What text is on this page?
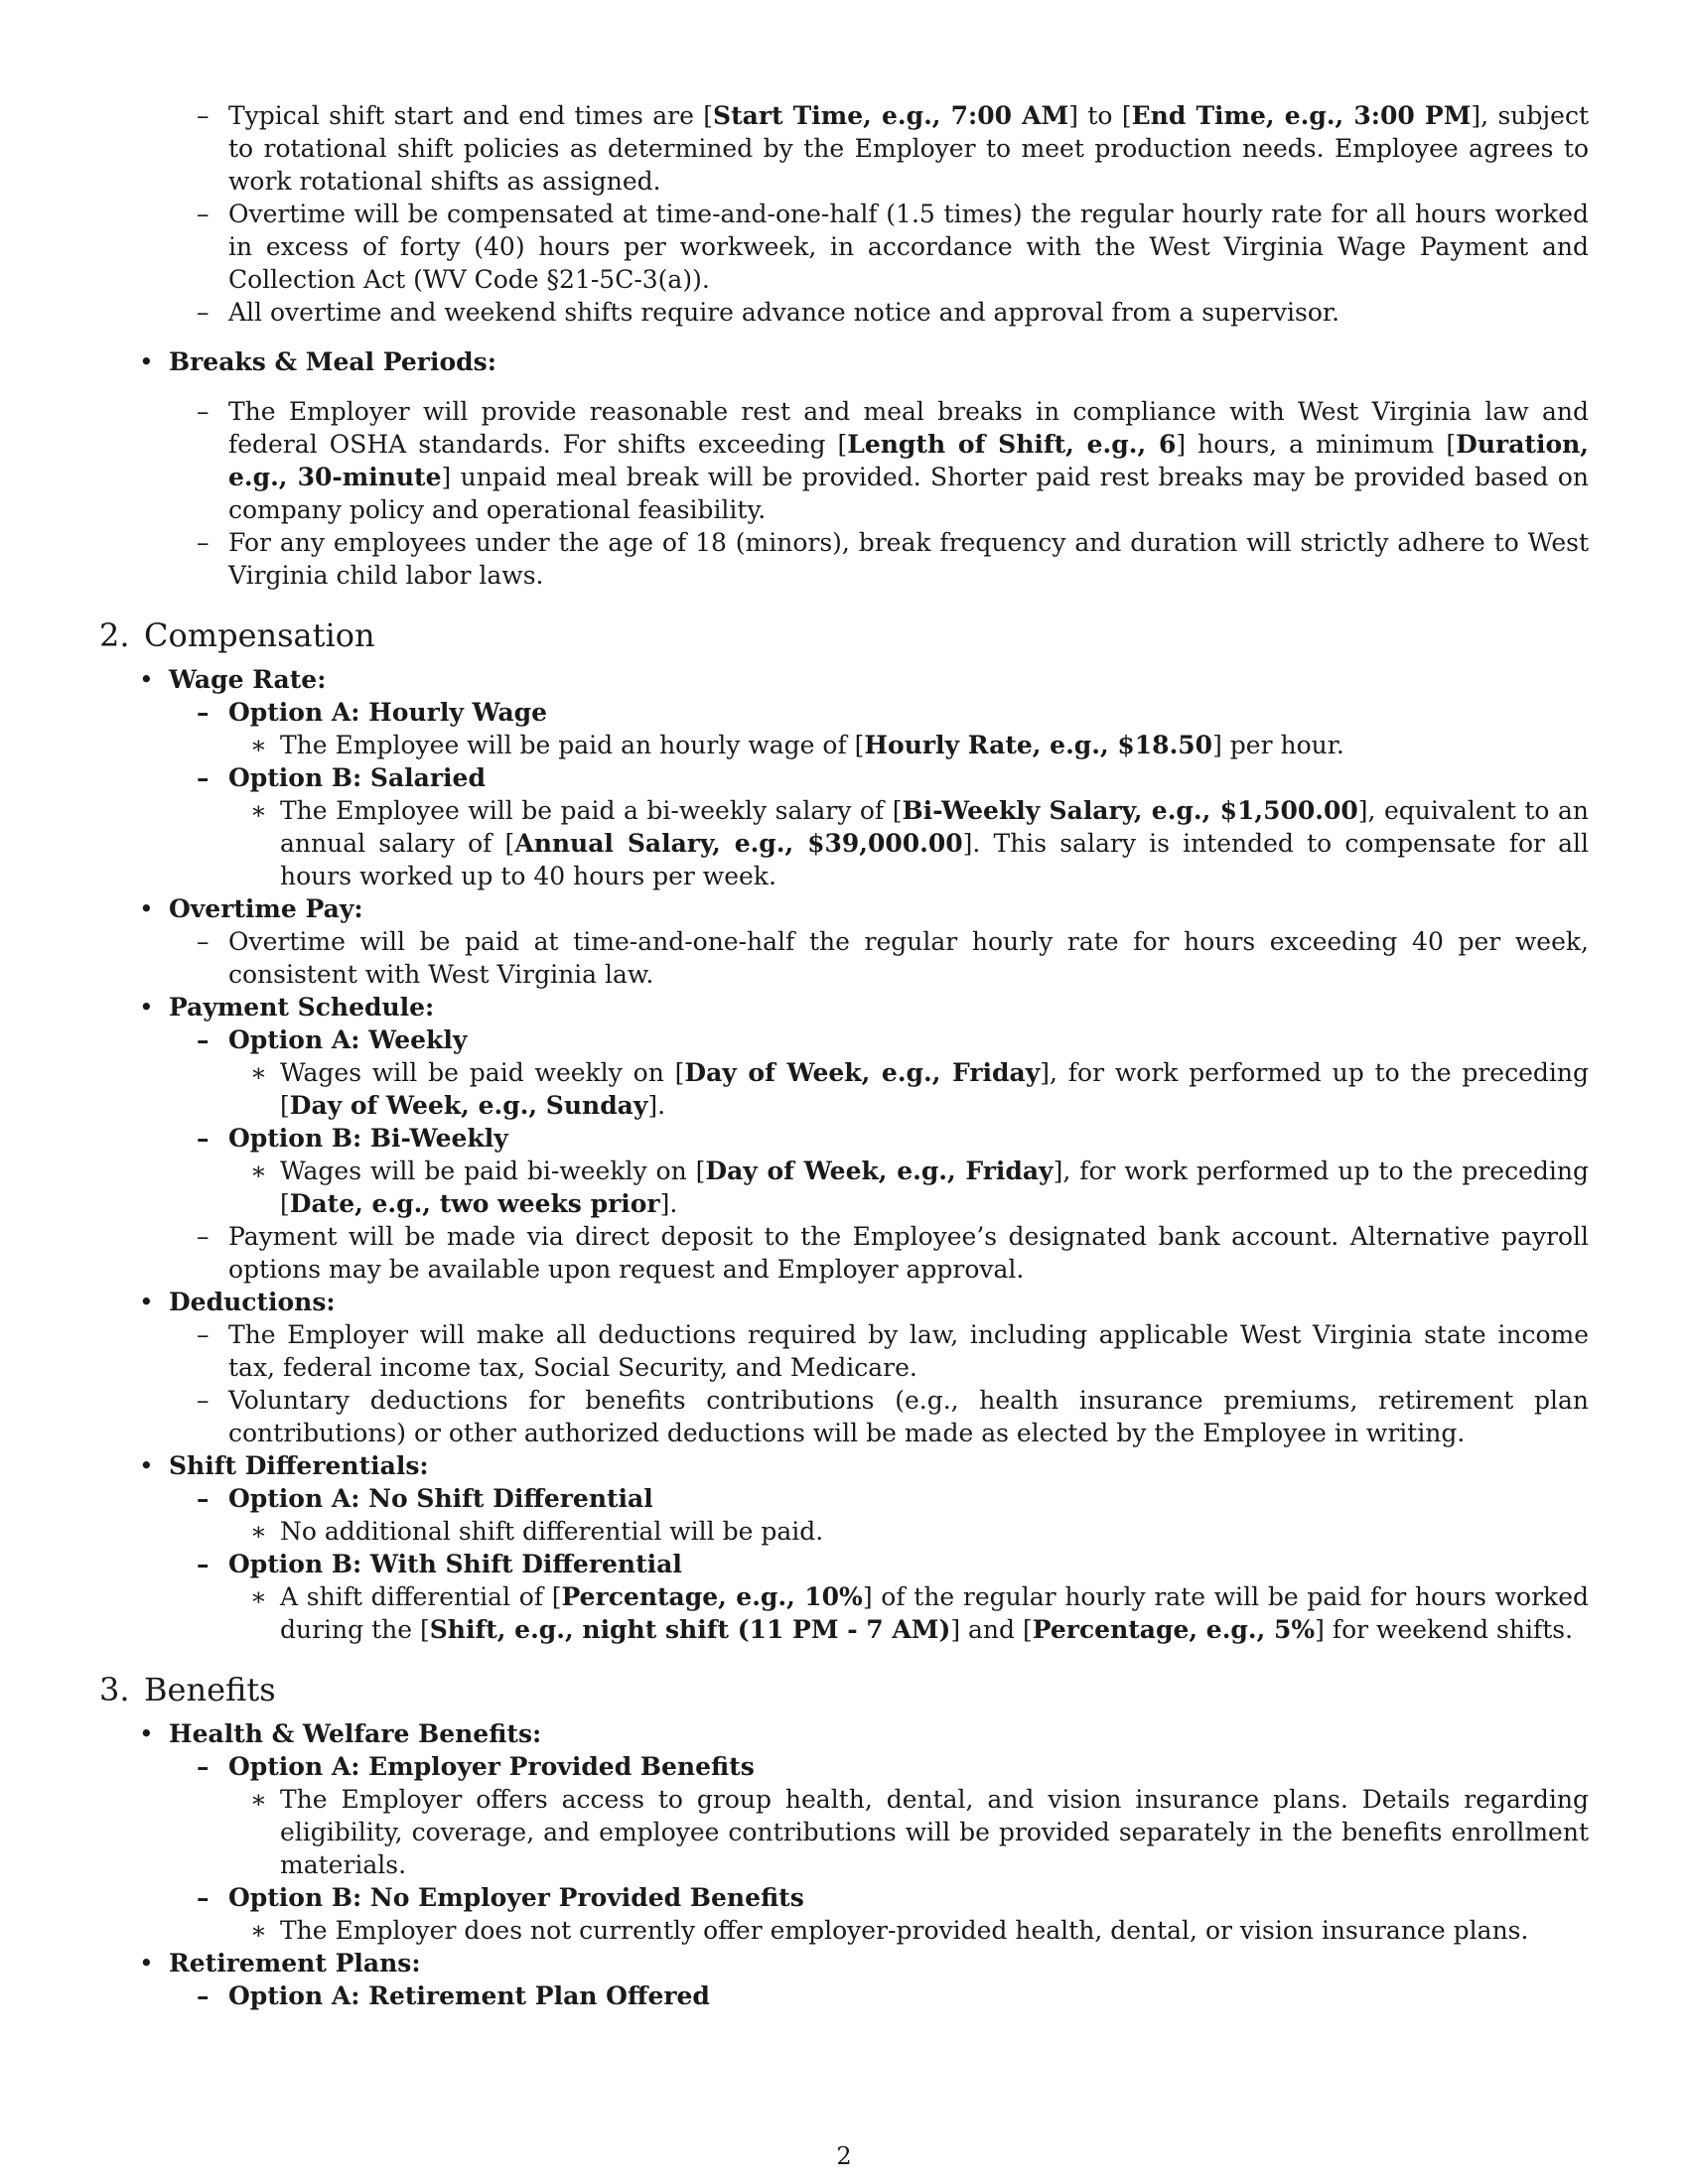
– Typical shift start and end times are [Start Time, e.g., 7:00 AM] to [End Time, e.g., 3:00 PM], subject to rotational shift policies as determined by the Employer to meet production needs. Employee agrees to work rotational shifts as assigned.

– Overtime will be compensated at time-and-one-half (1.5 times) the regular hourly rate for all hours worked in excess of forty (40) hours per workweek, in accordance with the West Virginia Wage Payment and Collection Act (WV Code §21-5C-3(a)).

– All overtime and weekend shifts require advance notice and approval from a supervisor.

• Breaks & Meal Periods:
– The Employer will provide reasonable rest and meal breaks in compliance with West Virginia law and federal OSHA standards. For shifts exceeding [Length of Shift, e.g., 6] hours, a minimum [Duration, e.g., 30-minute] unpaid meal break will be provided. Shorter paid rest breaks may be provided based on company policy and operational feasibility.

– For any employees under the age of 18 (minors), break frequency and duration will strictly adhere to West Virginia child labor laws.

2. Compensation
• Wage Rate:
– Option A: Hourly Wage
∗ The Employee will be paid an hourly wage of [Hourly Rate, e.g., $18.50] per hour.

– Option B: Salaried
∗ The Employee will be paid a bi-weekly salary of [Bi-Weekly Salary, e.g., $1,500.00], equivalent to an annual salary of [Annual Salary, e.g., $39,000.00]. This salary is intended to compensate for all hours worked up to 40 hours per week.

• Overtime Pay:
– Overtime will be paid at time-and-one-half the regular hourly rate for hours exceeding 40 per week, consistent with West Virginia law.

• Payment Schedule:
– Option A: Weekly
∗ Wages will be paid weekly on [Day of Week, e.g., Friday], for work performed up to the preceding [Day of Week, e.g., Sunday].

– Option B: Bi-Weekly
∗ Wages will be paid bi-weekly on [Day of Week, e.g., Friday], for work performed up to the preceding [Date, e.g., two weeks prior].

– Payment will be made via direct deposit to the Employee’s designated bank account. Alternative payroll options may be available upon request and Employer approval.

• Deductions:
– The Employer will make all deductions required by law, including applicable West Virginia state income tax, federal income tax, Social Security, and Medicare.

– Voluntary deductions for benefits contributions (e.g., health insurance premiums, retirement plan contributions) or other authorized deductions will be made as elected by the Employee in writing.

• Shift Differentials:
– Option A: No Shift Differential
∗ No additional shift differential will be paid.

– Option B: With Shift Differential
∗ A shift differential of [Percentage, e.g., 10%] of the regular hourly rate will be paid for hours worked during the [Shift, e.g., night shift (11 PM - 7 AM)] and [Percentage, e.g., 5%] for weekend shifts.

3. Benefits
• Health & Welfare Benefits:
– Option A: Employer Provided Benefits
∗ The Employer offers access to group health, dental, and vision insurance plans. Details regarding eligibility, coverage, and employee contributions will be provided separately in the benefits enrollment materials.

– Option B: No Employer Provided Benefits
∗ The Employer does not currently offer employer-provided health, dental, or vision insurance plans.

• Retirement Plans:
– Option A: Retirement Plan Offered
2
